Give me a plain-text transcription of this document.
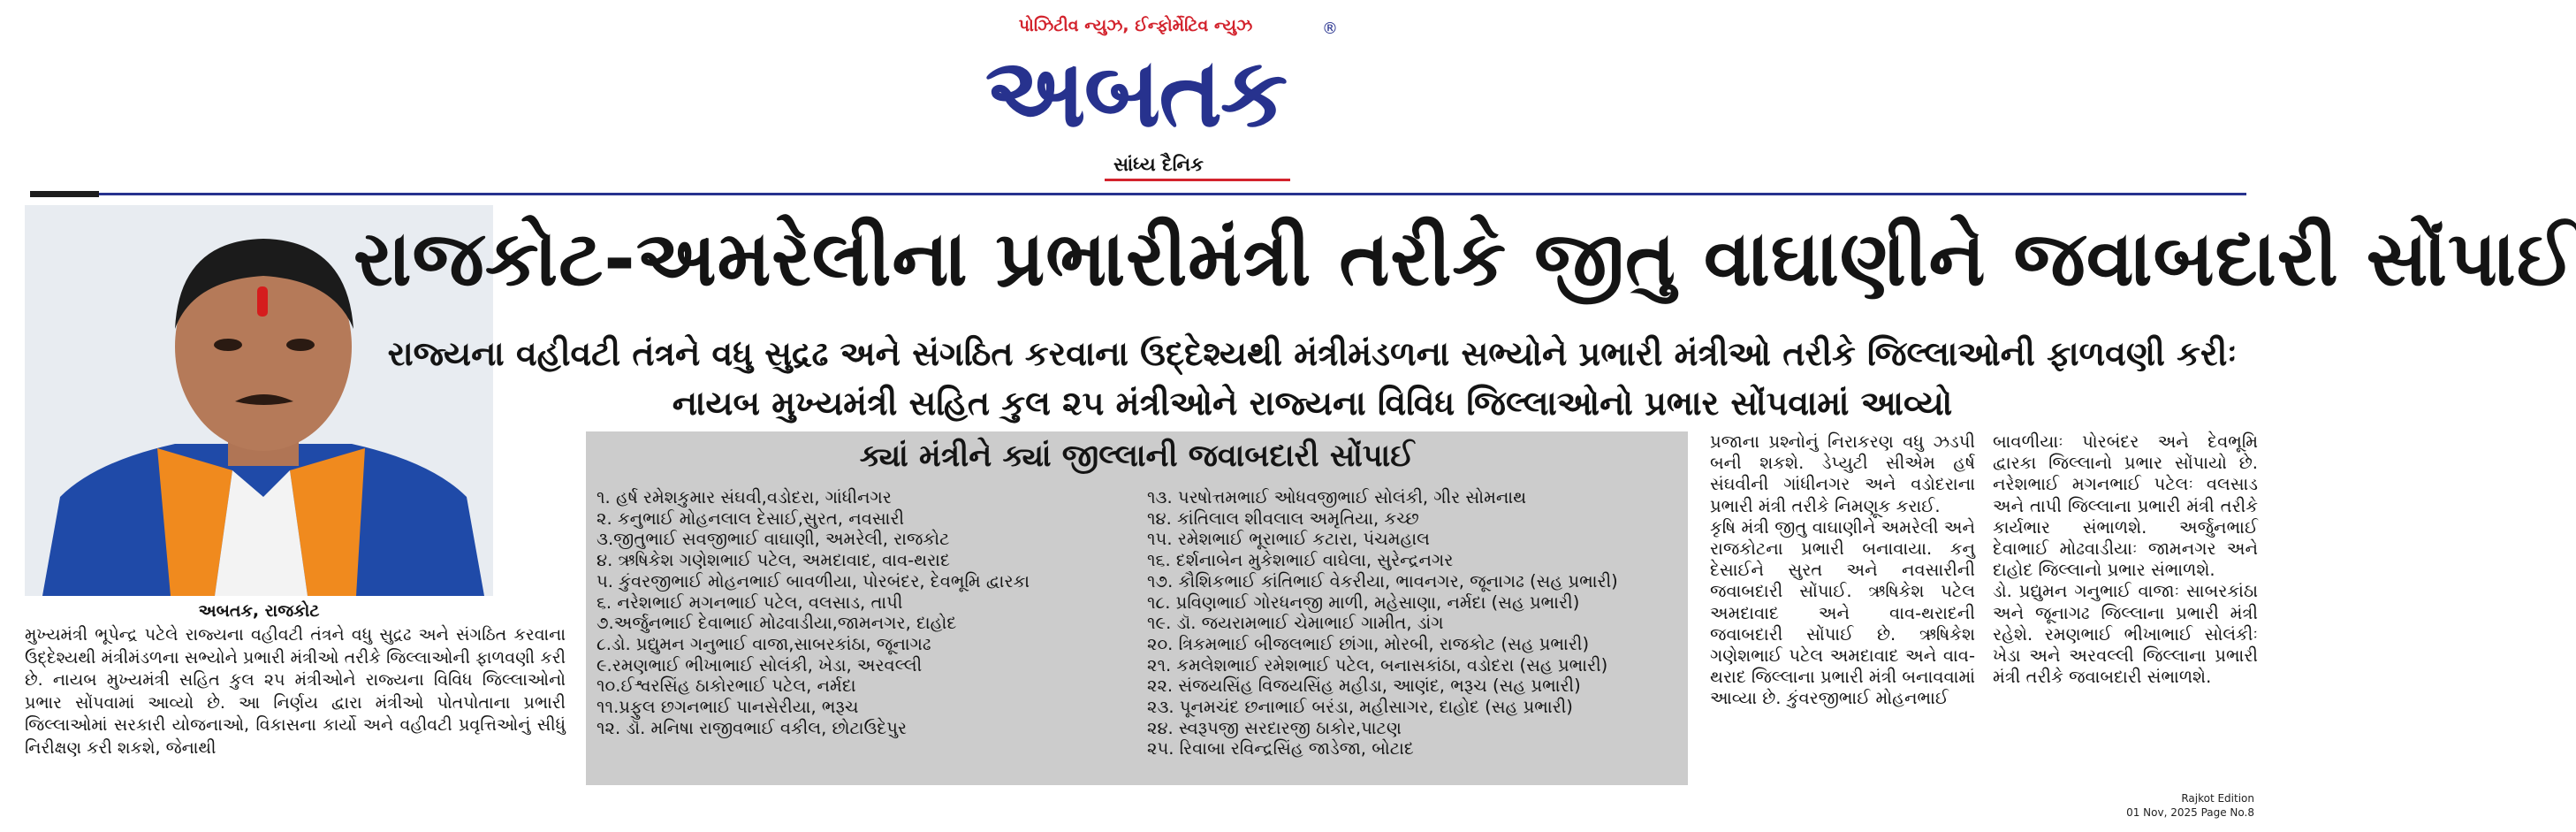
પોઝિટીવ ન્યુઝ, ઈન્ફોર્મેટિવ ન્યુઝ
અબતક
®
સાંધ્ય દૈનિક
અબતક, રાજકોટ
મુખ્યમંત્રી ભૂપેન્દ્ર પટેલે રાજ્યના વહીવટી તંત્રને વધુ સુદ્રઢ અને સંગઠિત કરવાના ઉદ્દેશ્યથી મંત્રીમંડળના સભ્યોને પ્રભારી મંત્રીઓ તરીકે જિલ્લાઓની ફાળવણી કરી છે. નાયબ મુખ્યમંત્રી સહિત કુલ ૨૫ મંત્રીઓને રાજ્યના વિવિધ જિલ્લાઓનો પ્રભાર સોંપવામાં આવ્યો છે. આ નિર્ણય દ્વારા મંત્રીઓ પોતપોતાના પ્રભારી જિલ્લાઓમાં સરકારી યોજનાઓ, વિકાસના કાર્યો અને વહીવટી પ્રવૃત્તિઓનું સીધું નિરીક્ષણ કરી શકશે, જેનાથી
રાજકોટ-અમરેલીના પ્રભારીમંત્રી તરીકે જીતુ વાઘાણીને જવાબદારી સોંપાઈ
રાજ્યના વહીવટી તંત્રને વધુ સુદ્રઢ અને સંગઠિત કરવાના ઉદ્દેશ્યથી મંત્રીમંડળના સભ્યોને પ્રભારી મંત્રીઓ તરીકે જિલ્લાઓની ફાળવણી કરીઃ નાયબ મુખ્યમંત્રી સહિત કુલ ૨૫ મંત્રીઓને રાજ્યના વિવિધ જિલ્લાઓનો પ્રભાર સોંપવામાં આવ્યો
ક્યાં મંત્રીને ક્યાં જીલ્લાની જવાબદારી સોંપાઈ
૧. હર્ષ રમેશકુમાર સંઘવી,વડોદરા, ગાંધીનગર
૨. કનુભાઈ મોહનલાલ દેસાઈ,સુરત, નવસારી
૩.જીતુભાઈ સવજીભાઈ વાઘાણી, અમરેલી, રાજકોટ
૪. ઋષિકેશ ગણેશભાઈ પટેલ, અમદાવાદ, વાવ-થરાદ
૫. કુંવરજીભાઈ મોહનભાઈ બાવળીયા, પોરબંદર, દેવભૂમિ દ્વારકા
૬. નરેશભાઈ મગનભાઈ પટેલ, વલસાડ, તાપી
૭.અર્જુનભાઈ દેવાભાઈ મોઢવાડીયા,જામનગર, દાહોદ
૮.ડો. પ્રદ્યુમન ગનુભાઈ વાજા,સાબરકાંઠા, જૂનાગઢ
૯.રમણભાઈ ભીખાભાઈ સોલંકી, ખેડા, અરવલ્લી
૧૦.ઈશ્વરસિંહ ઠાકોરભાઈ પટેલ, નર્મદા
૧૧.પ્રફુલ છગનભાઈ પાનસેરીયા, ભરૂચ
૧૨. ડૉ. મનિષા રાજીવભાઈ વકીલ, છોટાઉદેપુર
૧૩. પરષોત્તમભાઈ ઓધવજીભાઈ સોલંકી, ગીર સોમનાથ
૧૪. કાંતિલાલ શીવલાલ અમૃતિયા, કચ્છ
૧૫. રમેશભાઈ ભૂરાભાઈ કટારા, પંચમહાલ
૧૬. દર્શનાબેન મુકેશભાઈ વાઘેલા, સુરેન્દ્રનગર
૧૭. કૌશિકભાઈ કાંતિભાઈ વેકરીયા, ભાવનગર, જૂનાગઢ (સહ પ્રભારી)
૧૮. પ્રવિણભાઈ ગોરધનજી માળી, મહેસાણા, નર્મદા (સહ પ્રભારી)
૧૯. ડૉ. જયરામભાઈ ચેમાભાઈ ગામીત, ડાંગ
૨૦. ત્રિકમભાઈ બીજલભાઈ છાંગા, મોરબી, રાજકોટ (સહ પ્રભારી)
૨૧. કમલેશભાઈ રમેશભાઈ પટેલ, બનાસકાંઠા, વડોદરા (સહ પ્રભારી)
૨૨. સંજયસિંહ વિજયસિંહ મહીડા, આણંદ, ભરૂચ (સહ પ્રભારી)
૨૩. પૂનમચંદ છનાભાઈ બરંડા, મહીસાગર, દાહોદ (સહ પ્રભારી)
૨૪. સ્વરૂપજી સરદારજી ઠાકોર,પાટણ
૨૫. રિવાબા રવિન્દ્રસિંહ જાડેજા, બોટાદ

પ્રજાના પ્રશ્નોનું નિરાકરણ વધુ ઝડપી બની શકશે. ડેપ્યુટી સીએમ હર્ષ સંઘવીની ગાંધીનગર અને વડોદરાના પ્રભારી મંત્રી તરીકે નિમણૂક કરાઈ.

કૃષિ મંત્રી જીતુ વાઘાણીને અમરેલી અને રાજકોટના પ્રભારી બનાવાયા. કનુ દેસાઈને સુરત અને નવસારીની જવાબદારી સોંપાઈ. ઋષિકેશ પટેલ અમદાવાદ અને વાવ-થરાદની જવાબદારી સોંપાઈ છે. ઋષિકેશ ગણેશભાઈ પટેલ અમદાવાદ અને વાવ-થરાદ જિલ્લાના પ્રભારી મંત્રી બનાવવામાં આવ્યા છે. કુંવરજીભાઈ મોહનભાઈ

બાવળીયાઃ પોરબંદર અને દેવભૂમિ દ્વારકા જિલ્લાનો પ્રભાર સોંપાયો છે. નરેશભાઈ મગનભાઈ પટેલઃ વલસાડ અને તાપી જિલ્લાના પ્રભારી મંત્રી તરીકે કાર્યભાર સંભાળશે. અર્જુનભાઈ દેવાભાઈ મોઢવાડીયાઃ જામનગર અને દાહોદ જિલ્લાનો પ્રભાર સંભાળશે.

ડો. પ્રદ્યુમન ગનુભાઈ વાજાઃ સાબરકાંઠા અને જૂનાગઢ જિલ્લાના પ્રભારી મંત્રી રહેશે. રમણભાઈ ભીખાભાઈ સોલંકીઃ ખેડા અને અરવલ્લી જિલ્લાના પ્રભારી મંત્રી તરીકે જવાબદારી સંભાળશે.

Rajkot Edition
01 Nov, 2025 Page No.8
